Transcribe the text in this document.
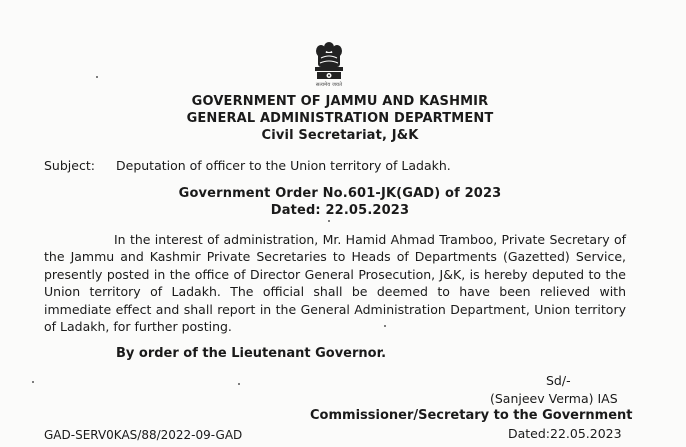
सत्यमेव जयते
GOVERNMENT OF JAMMU AND KASHMIR
GENERAL ADMINISTRATION DEPARTMENT
Civil Secretariat, J&K
Subject: Deputation of officer to the Union territory of Ladakh.
Government Order No.601-JK(GAD) of 2023
Dated: 22.05.2023
In the interest of administration, Mr. Hamid Ahmad Tramboo, Private Secretary of the Jammu and Kashmir Private Secretaries to Heads of Departments (Gazetted) Service, presently posted in the office of Director General Prosecution, J&K, is hereby deputed to the Union territory of Ladakh. The official shall be deemed to have been relieved with immediate effect and shall report in the General Administration Department, Union territory of Ladakh, for further posting.
By order of the Lieutenant Governor.
Sd/-
(Sanjeev Verma) IAS
Commissioner/Secretary to the Government
GAD-SERV0KAS/88/2022-09-GAD	Dated:22.05.2023
